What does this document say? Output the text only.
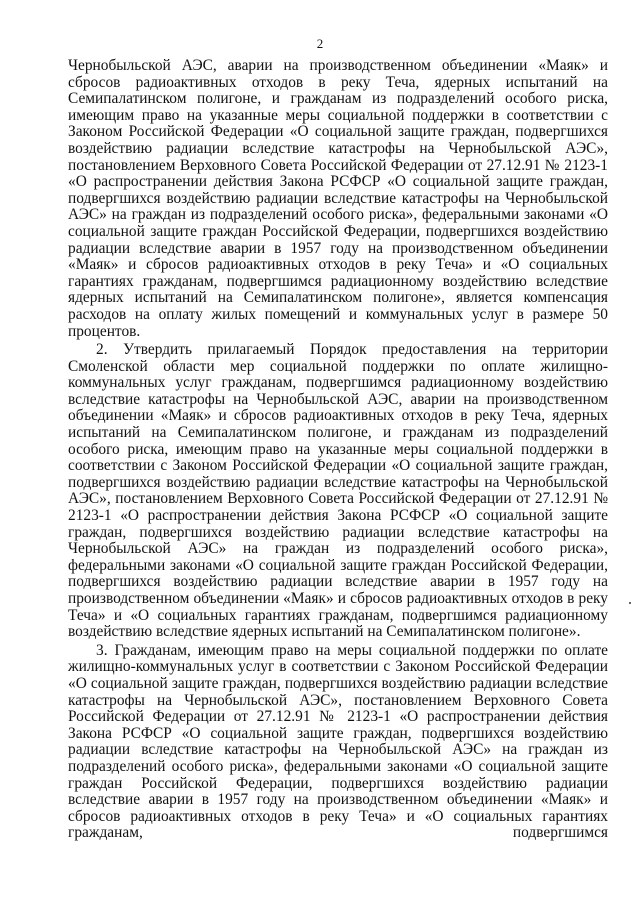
2

Чернобыльской АЭС, аварии на производственном объединении «Маяк» и сбросов радиоактивных отходов в реку Теча, ядерных испытаний на Семипалатинском полигоне, и гражданам из подразделений особого риска, имеющим право на указанные меры социальной поддержки в соответствии с Законом Российской Федерации «О социальной защите граждан, подвергшихся воздействию радиации вследствие катастрофы на Чернобыльской АЭС», постановлением Верховного Совета Российской Федерации от 27.12.91 № 2123-1 «О распространении действия Закона РСФСР «О социальной защите граждан, подвергшихся воздействию радиации вследствие катастрофы на Чернобыльской АЭС» на граждан из подразделений особого риска», федеральными законами «О социальной защите граждан Российской Федерации, подвергшихся воздействию радиации вследствие аварии в 1957 году на производственном объединении «Маяк» и сбросов радиоактивных отходов в реку Теча» и «О социальных гарантиях гражданам, подвергшимся радиационному воздействию вследствие ядерных испытаний на Семипалатинском полигоне», является компенсация расходов на оплату жилых помещений и коммунальных услуг в размере 50 процентов.

2. Утвердить прилагаемый Порядок предоставления на территории Смоленской области мер социальной поддержки по оплате жилищно-коммунальных услуг гражданам, подвергшимся радиационному воздействию вследствие катастрофы на Чернобыльской АЭС, аварии на производственном объединении «Маяк» и сбросов радиоактивных отходов в реку Теча, ядерных испытаний на Семипалатинском полигоне, и гражданам из подразделений особого риска, имеющим право на указанные меры социальной поддержки в соответствии с Законом Российской Федерации «О социальной защите граждан, подвергшихся воздействию радиации вследствие катастрофы на Чернобыльской АЭС», постановлением Верховного Совета Российской Федерации от 27.12.91 № 2123-1 «О распространении действия Закона РСФСР «О социальной защите граждан, подвергшихся воздействию радиации вследствие катастрофы на Чернобыльской АЭС» на граждан из подразделений особого риска», федеральными законами «О социальной защите граждан Российской Федерации, подвергшихся воздействию радиации вследствие аварии в 1957 году на производственном объединении «Маяк» и сбросов радиоактивных отходов в реку Теча» и «О социальных гарантиях гражданам, подвергшимся радиационному воздействию вследствие ядерных испытаний на Семипалатинском полигоне».

3. Гражданам, имеющим право на меры социальной поддержки по оплате жилищно-коммунальных услуг в соответствии с Законом Российской Федерации «О социальной защите граждан, подвергшихся воздействию радиации вследствие катастрофы на Чернобыльской АЭС», постановлением Верховного Совета Российской Федерации от 27.12.91 № 2123-1 «О распространении действия Закона РСФСР «О социальной защите граждан, подвергшихся воздействию радиации вследствие катастрофы на Чернобыльской АЭС» на граждан из подразделений особого риска», федеральными законами «О социальной защите граждан Российской Федерации, подвергшихся воздействию радиации вследствие аварии в 1957 году на производственном объединении «Маяк» и сбросов радиоактивных отходов в реку Теча» и «О социальных гарантиях гражданам, подвергшимся
